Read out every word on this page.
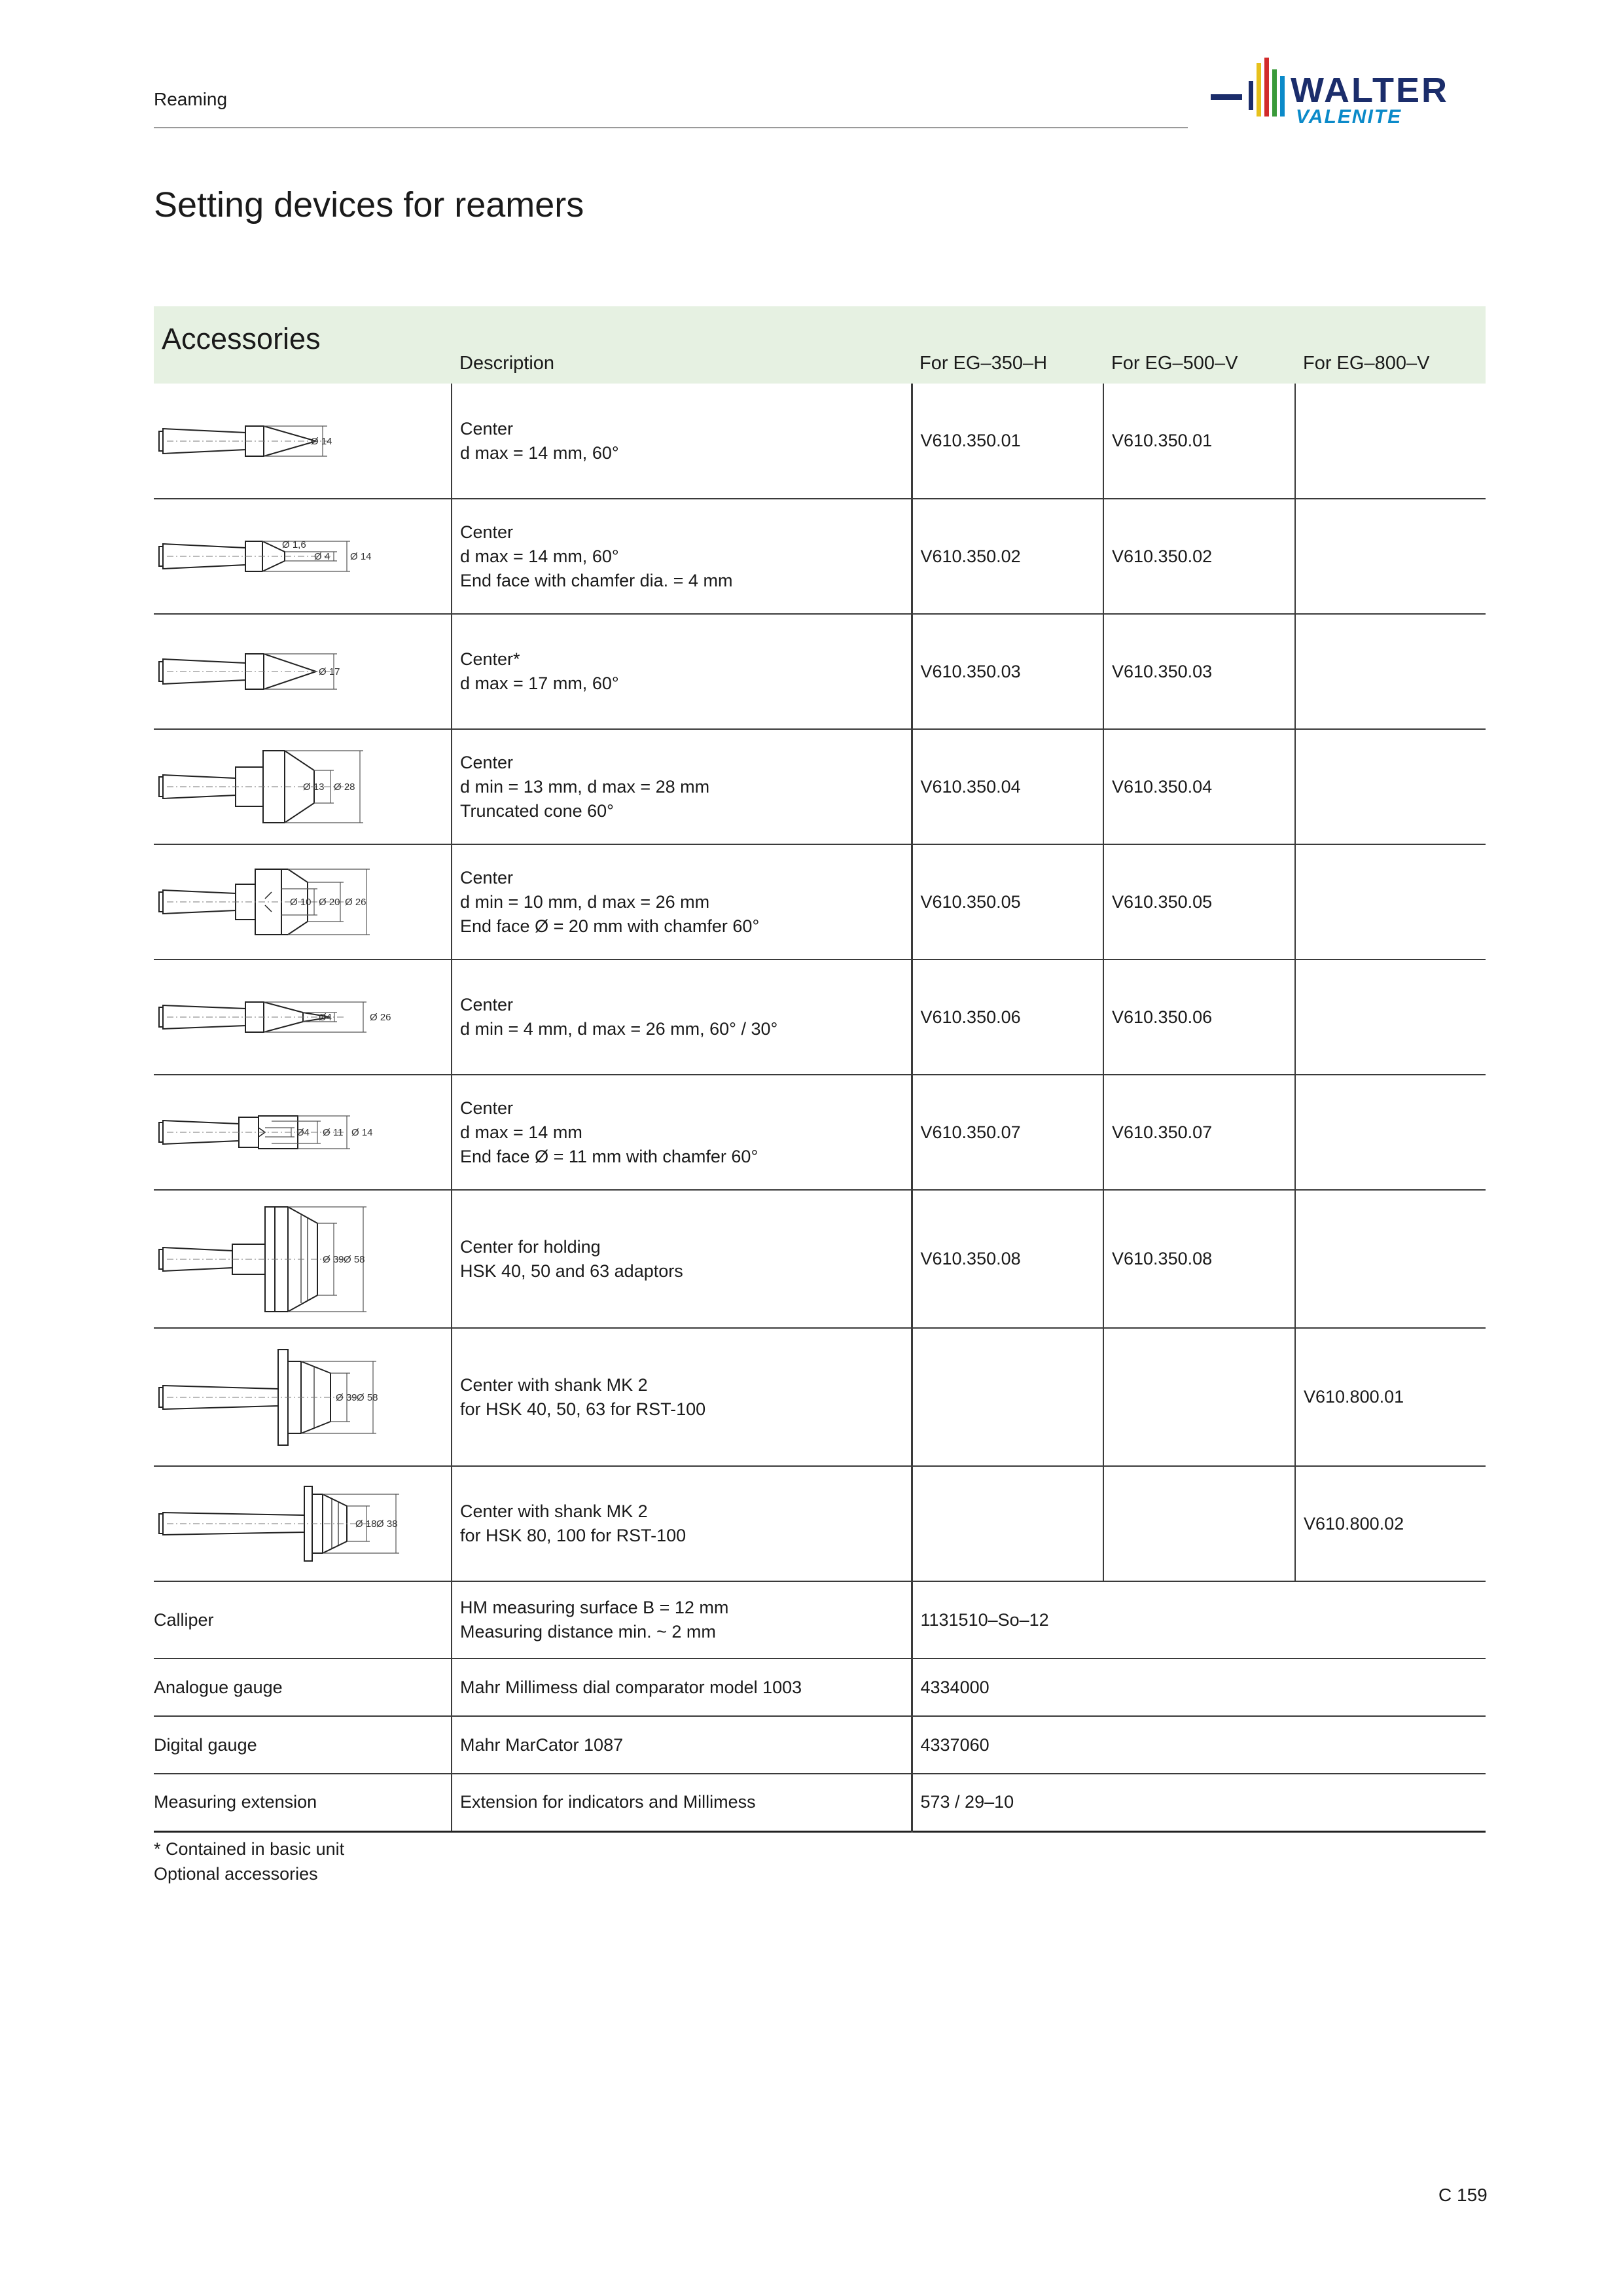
Reaming	WALTER
VALENITE
Setting devices for reamers
Accessories	Description	For EG–350–H	For EG–500–V	For EG–800–V

Ø 14	Center
d max = 14 mm, 60°	V610.350.01	V610.350.01	

Ø 1,6
Ø 4 Ø 14	Center
d max = 14 mm, 60°
End face with chamfer dia. = 4 mm	V610.350.02	V610.350.02	

Ø 17	Center*
d max = 17 mm, 60°	V610.350.03	V610.350.03	

Ø 13 Ø 28	Center
d min = 13 mm, d max = 28 mm
Truncated cone 60°	V610.350.04	V610.350.04	

Ø 10 Ø 20 Ø 26	Center
d min = 10 mm, d max = 26 mm
End face Ø = 20 mm with chamfer 60°	V610.350.05	V610.350.05	

Ø4 Ø 26	Center
d min = 4 mm, d max = 26 mm, 60° / 30°	V610.350.06	V610.350.06	

Ø4 Ø 11 Ø 14	Center
d max = 14 mm
End face Ø = 11 mm with chamfer 60°	V610.350.07	V610.350.07	

Ø 39 Ø 58	Center for holding
HSK 40, 50 and 63 adaptors	V610.350.08	V610.350.08	

Ø 39 Ø 58	Center with shank MK 2
for HSK 40, 50, 63 for RST-100			V610.800.01

Ø 18 Ø 38	Center with shank MK 2
for HSK 80, 100 for RST-100			V610.800.02
Calliper	HM measuring surface B = 12 mm
Measuring distance min. ~ 2 mm	1131510–So–12		
Analogue gauge	Mahr Millimess dial comparator model 1003	4334000		
Digital gauge	Mahr MarCator 1087	4337060		
Measuring extension	Extension for indicators and Millimess	573 / 29–10		
* Contained in basic unit
Optional accessories
C 159
